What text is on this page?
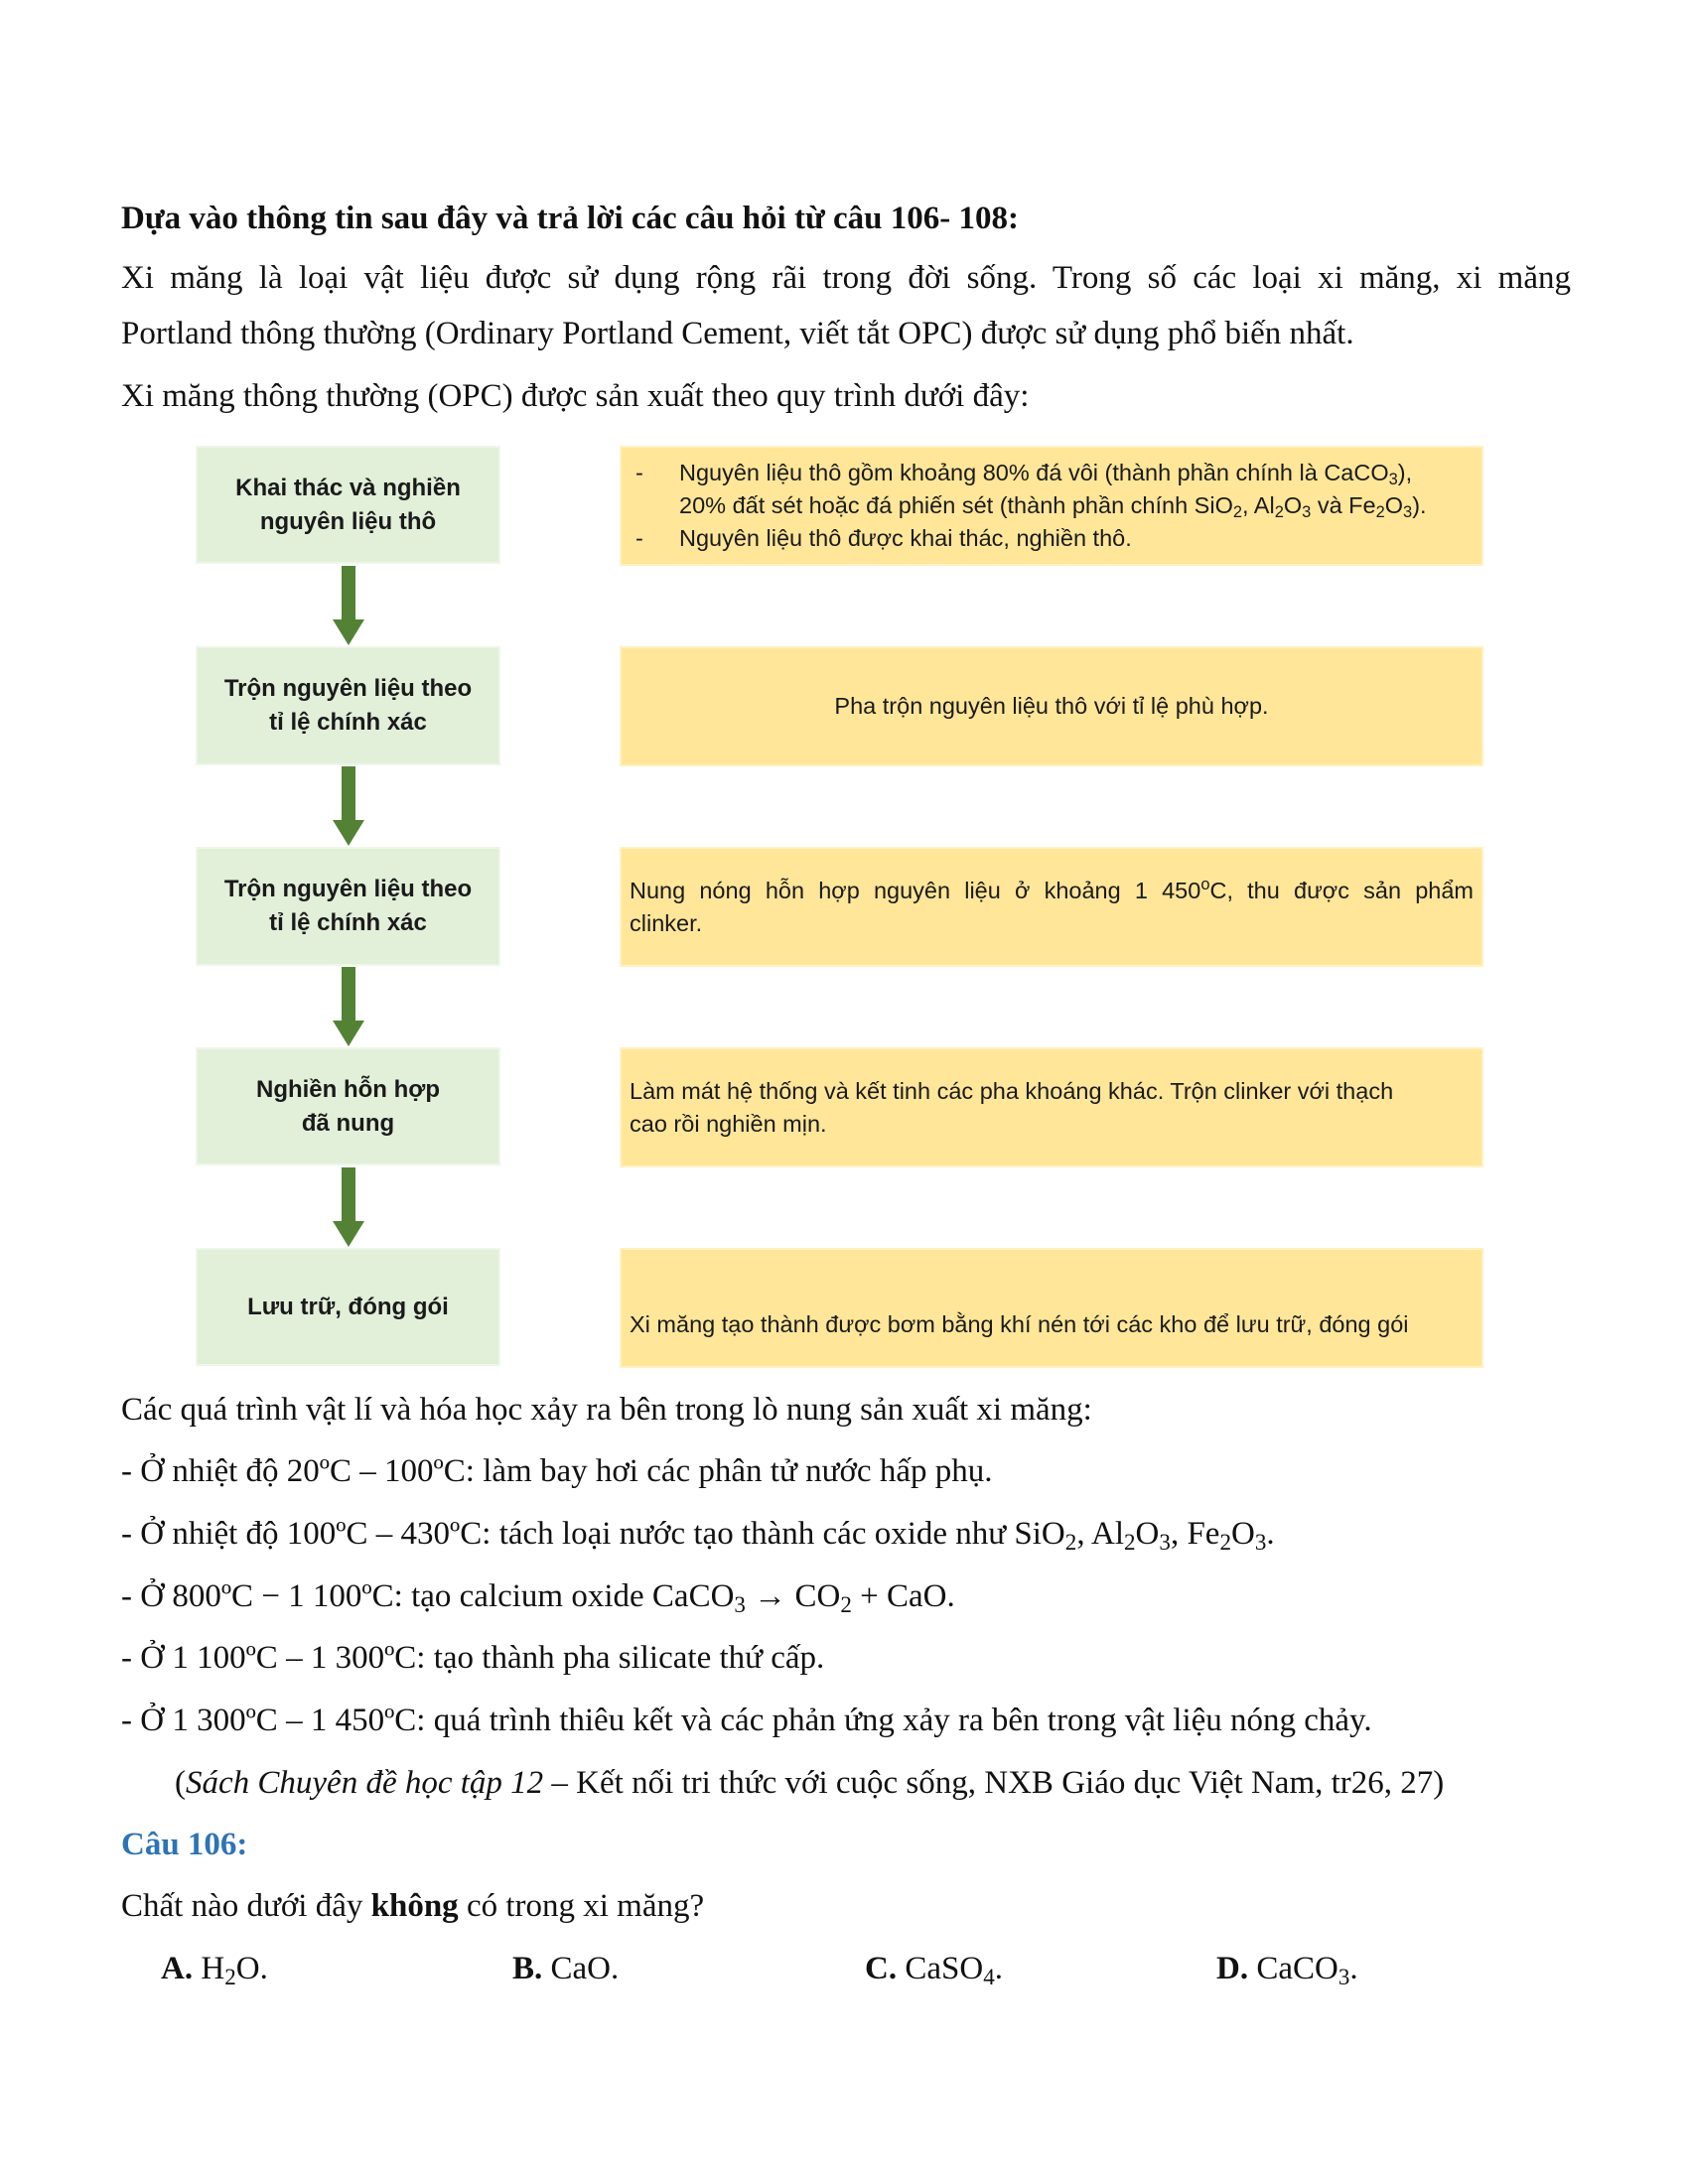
Dựa vào thông tin sau đây và trả lời các câu hỏi từ câu 106- 108:
Xi măng là loại vật liệu được sử dụng rộng rãi trong đời sống. Trong số các loại xi măng, xi măng
Portland thông thường (Ordinary Portland Cement, viết tắt OPC) được sử dụng phổ biến nhất.
Xi măng thông thường (OPC) được sản xuất theo quy trình dưới đây:
Khai thác và nghiền
nguyên liệu thô
Trộn nguyên liệu theo
tỉ lệ chính xác
Trộn nguyên liệu theo
tỉ lệ chính xác
Nghiền hỗn hợp
đã nung
Lưu trữ, đóng gói
- Nguyên liệu thô gồm khoảng 80% đá vôi (thành phần chính là CaCO$_3$),
20% đất sét hoặc đá phiến sét (thành phần chính SiO$_2$, $Al_2O_3$ và $Fe_2O_3$).
- Nguyên liệu thô được khai thác, nghiền thô.
Pha trộn nguyên liệu thô với tỉ lệ phù hợp.
Nung nóng hỗn hợp nguyên liệu ở khoảng 1 450$^o$C, thu được sản phẩm
clinker.
Làm mát hệ thống và kết tinh các pha khoáng khác. Trộn clinker với thạch
cao rồi nghiền mịn.
Xi măng tạo thành được bơm bằng khí nén tới các kho để lưu trữ, đóng gói
Các quá trình vật lí và hóa học xảy ra bên trong lò nung sản xuất xi măng:
- Ở nhiệt độ 20ºC – 100ºC: làm bay hơi các phân tử nước hấp phụ.
- Ở nhiệt độ 100ºC – 430ºC: tách loại nước tạo thành các oxide như SiO$_2$, $Al_2O_3$, $Fe_2O_3$.
- Ở 800ºC − 1 100ºC: tạo calcium oxide CaCO$_3$ → $CO_2$ + CaO.
- Ở 1 100ºC – 1 300ºC: tạo thành pha silicate thứ cấp.
- Ở 1 300ºC – 1 450ºC: quá trình thiêu kết và các phản ứng xảy ra bên trong vật liệu nóng chảy.
(Sách Chuyên đề học tập 12 – Kết nối tri thức với cuộc sống, NXB Giáo dục Việt Nam, tr26, 27)
Câu 106:
Chất nào dưới đây không có trong xi măng?
A. $H_2O$.	B. CaO.	C. CaSO$_4$.	D. CaCO$_3$.
